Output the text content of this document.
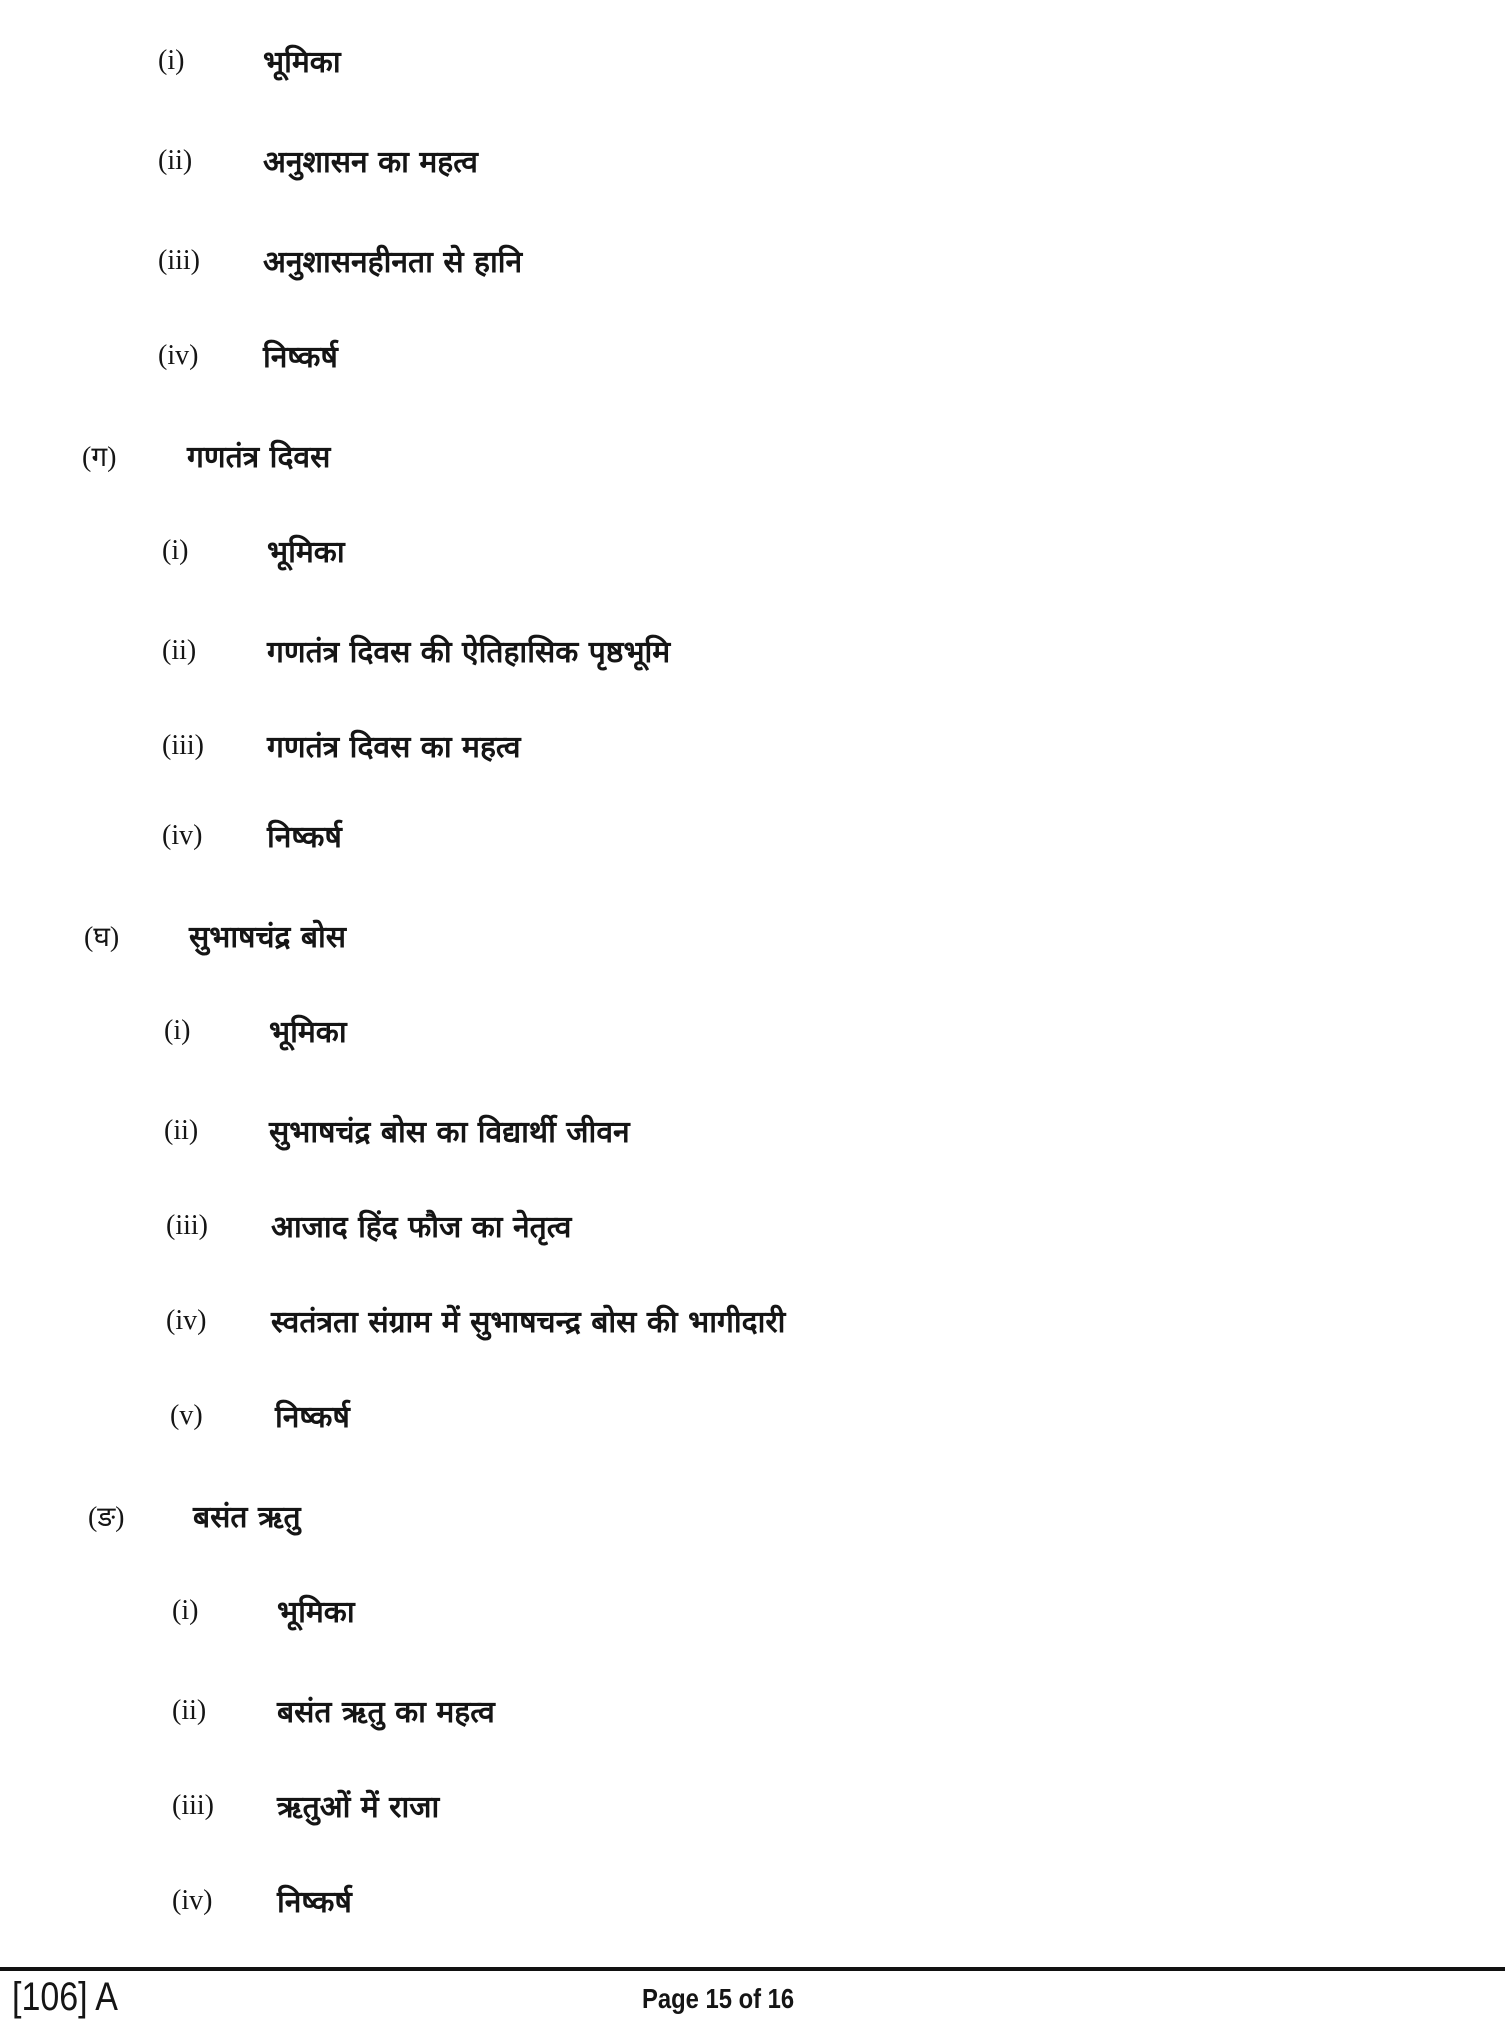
(i)	भूमिका
(ii)	अनुशासन का महत्व
(iii)	अनुशासनहीनता से हानि
(iv)	निष्कर्ष
(ग)	गणतंत्र दिवस
(i)	भूमिका
(ii)	गणतंत्र दिवस की ऐतिहासिक पृष्ठभूमि
(iii)	गणतंत्र दिवस का महत्व
(iv)	निष्कर्ष
(घ)	सुभाषचंद्र बोस
(i)	भूमिका
(ii)	सुभाषचंद्र बोस का विद्यार्थी जीवन
(iii)	आजाद हिंद फौज का नेतृत्व
(iv)	स्वतंत्रता संग्राम में सुभाषचन्द्र बोस की भागीदारी
(v)	निष्कर्ष
(ङ)	बसंत ऋतु
(i)	भूमिका
(ii)	बसंत ऋतु का महत्व
(iii)	ऋतुओं में राजा
(iv)	निष्कर्ष
[106] A	Page 15 of 16
